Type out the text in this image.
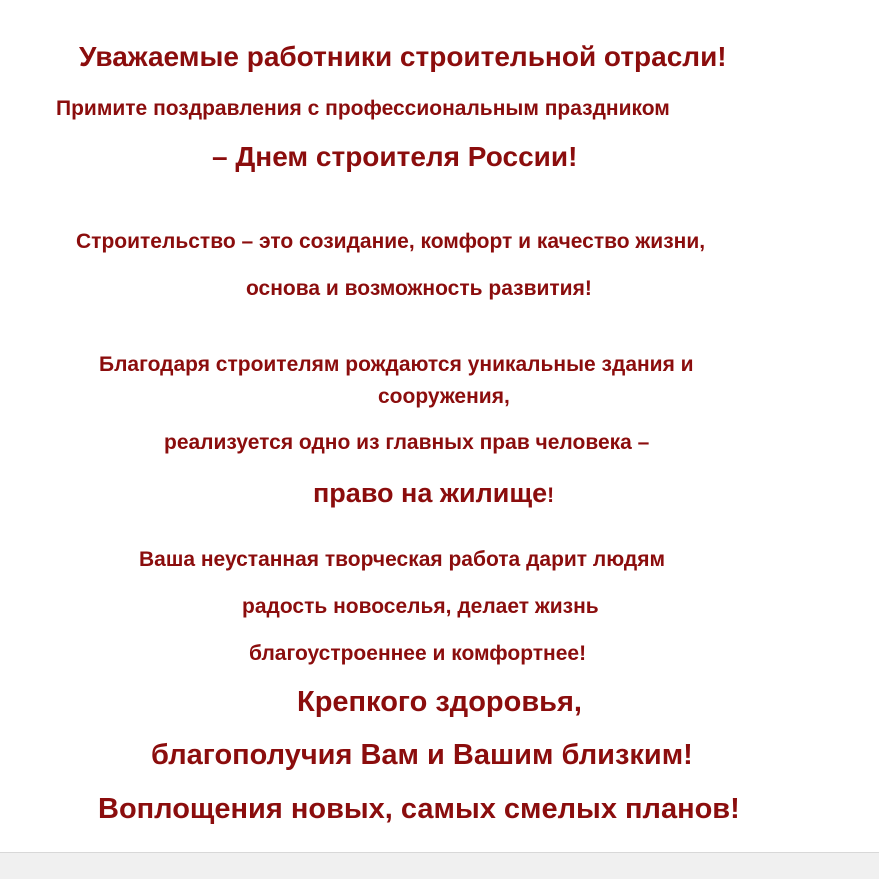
Уважаемые работники строительной отрасли!
Примите поздравления с профессиональным праздником
– Днем строителя России!
Строительство – это созидание, комфорт и качество жизни,
основа и возможность развития!
Благодаря строителям рождаются уникальные здания и
сооружения,
реализуется одно из главных прав человека –
право на жилище!
Ваша неустанная творческая работа дарит людям
радость новоселья, делает жизнь
благоустроеннее и комфортнее!
Крепкого здоровья,
благополучия Вам и Вашим близким!
Воплощения новых, самых смелых планов!
